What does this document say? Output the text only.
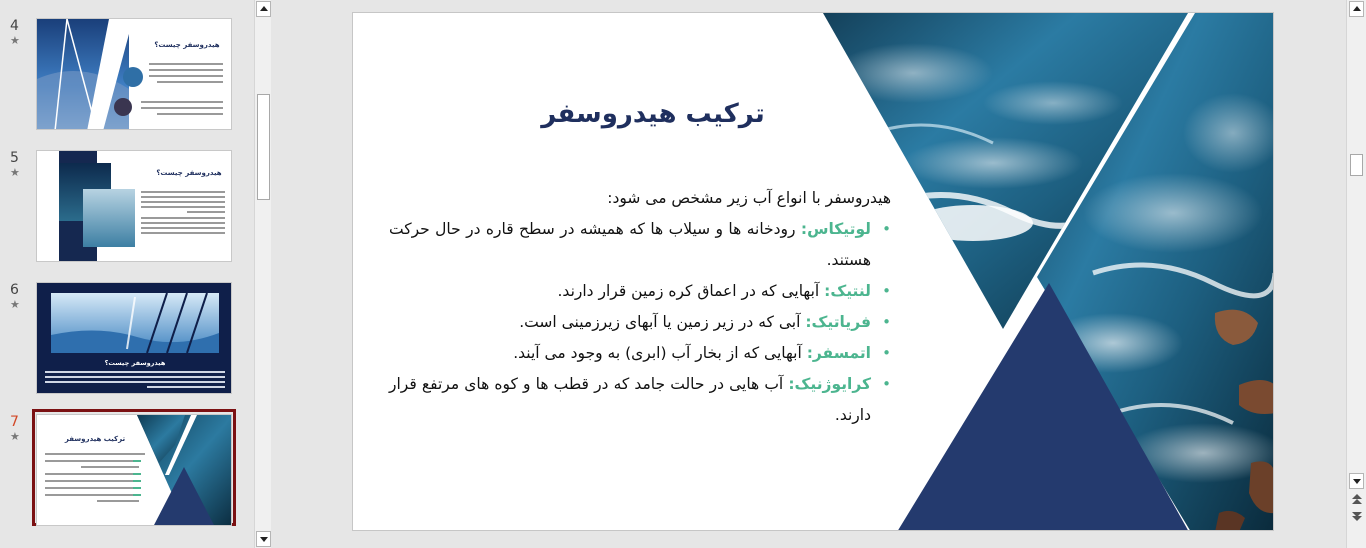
4
★	هیدروسفر چیست؟
5
★	هیدروسفر چیست؟
6
★
هیدروسفر چیست؟
7
★	ترکیب هیدروسفر
ترکیب هیدروسفر
هیدروسفر با انواع آب زیر مشخص می شود:
•
لوتیکاس: رودخانه ها و سیلاب ها که همیشه در سطح قاره در حال حرکت هستند.
•
لنتیک: آبهایی که در اعماق کره زمین قرار دارند.
•
فریاتیک: آبی که در زیر زمین یا آبهای زیرزمینی است.
•
اتمسفر: آبهایی که از بخار آب (ابری) به وجود می آیند.
•
کرایوژنیک: آب هایی در حالت جامد که در قطب ها و کوه های مرتفع قرار دارند.
